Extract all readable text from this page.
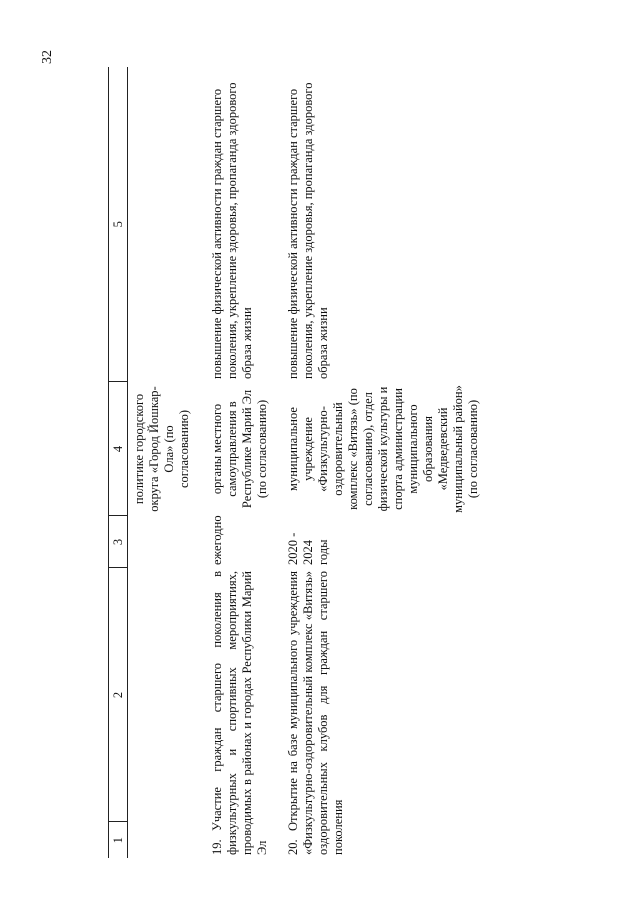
32
1	2	3	4	5
			политике городского округа «Город Йошкар-Ола» (по согласованию)	
19.Участие граждан старшего поколения в физкультурных и спортивных мероприятиях, проводимых в районах и городах Республики Марий Эл		ежегодно	органы местного самоуправления в Республике Марий Эл (по согласованию)	повышение физической активности граждан старшего поколения, укрепление здоровья, пропаганда здорового образа жизни
20.Открытие на базе муниципального учреждения «Физкультурно-оздоровительный комплекс «Витязь» оздоровительных клубов для граждан старшего поколения		2020 - 2024 годы	муниципальное учреждение «Физкультурно-оздоровительный комплекс «Витязь» (по согласованию), отдел физической культуры и спорта администрации муниципального образования «Медведевский муниципальный район» (по согласованию)	повышение физической активности граждан старшего поколения, укрепление здоровья, пропаганда здорового образа жизни
